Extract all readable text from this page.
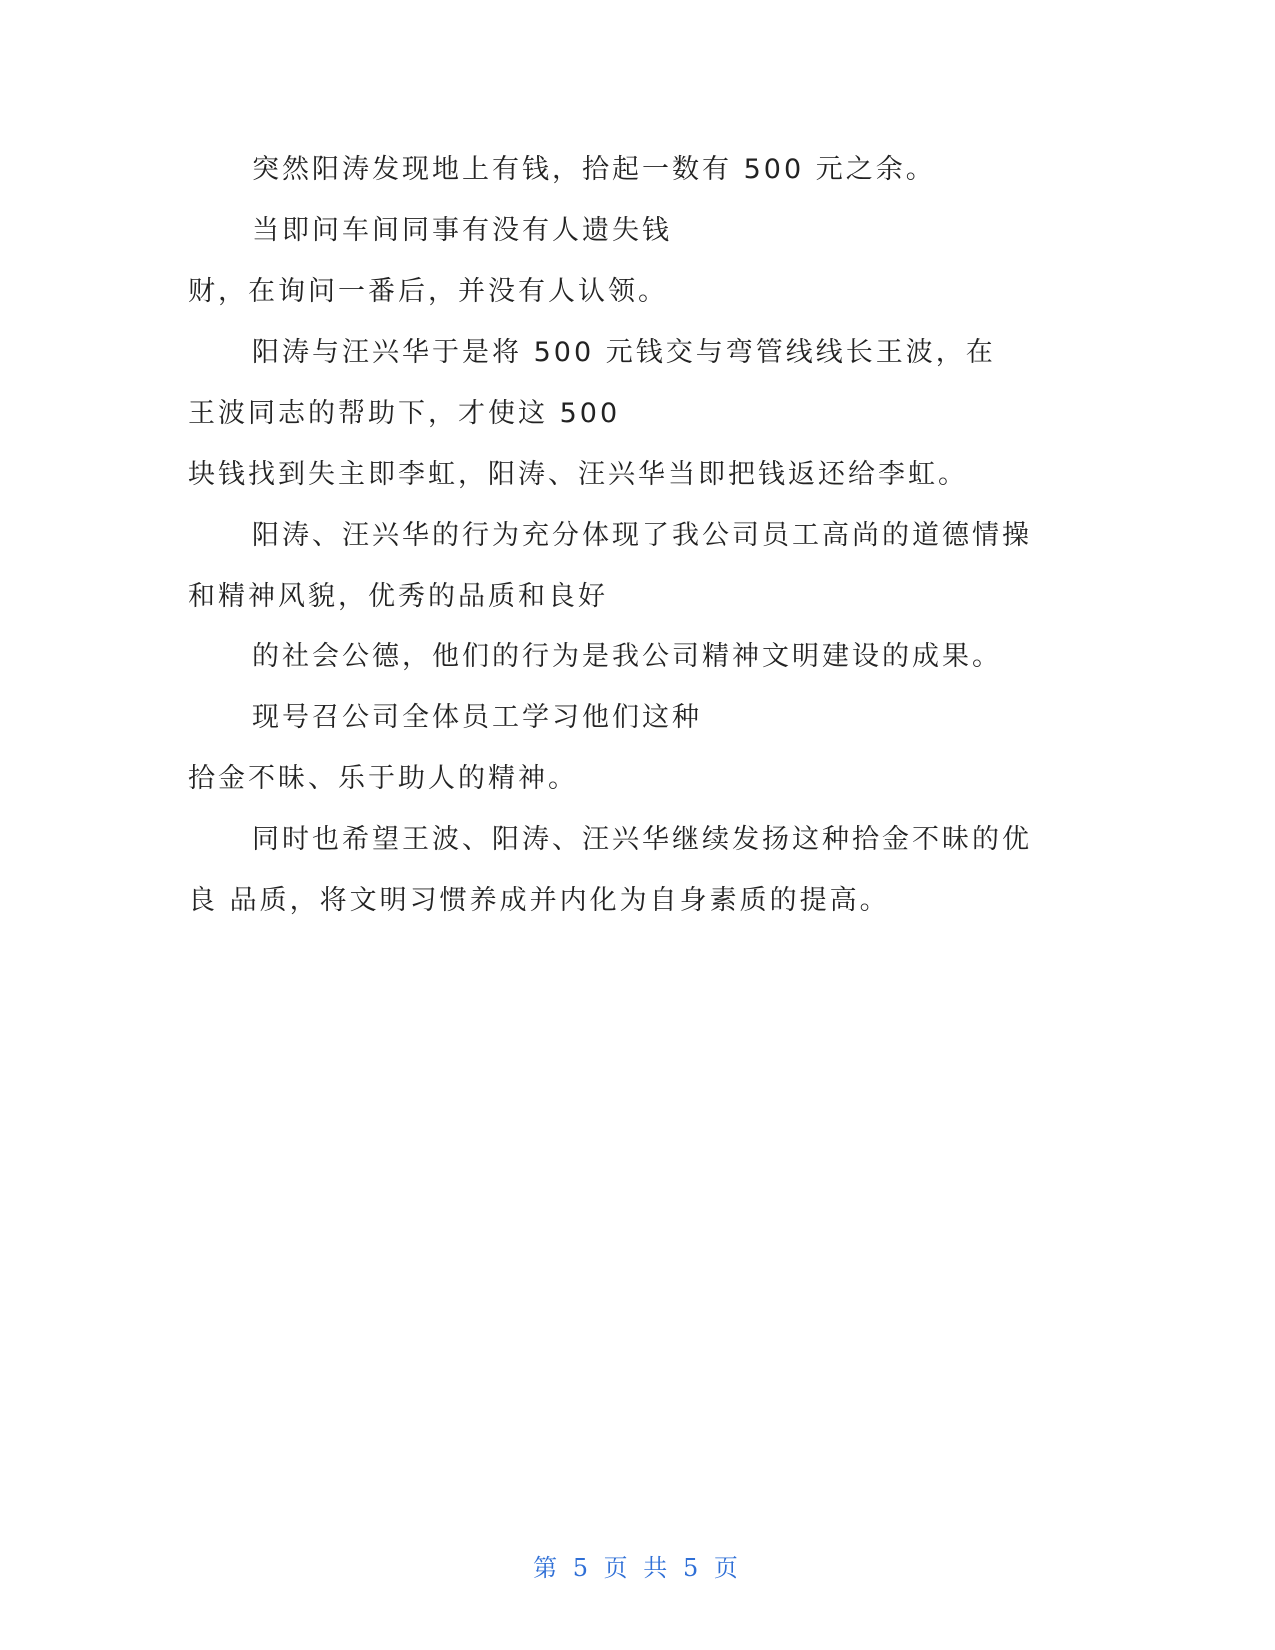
突然阳涛发现地上有钱，拾起一数有 500 元之余。
当即问车间同事有没有人遗失钱
财，在询问一番后，并没有人认领。
阳涛与汪兴华于是将 500 元钱交与弯管线线长王波，在
王波同志的帮助下，才使这 500
块钱找到失主即李虹，阳涛、汪兴华当即把钱返还给李虹。
阳涛、汪兴华的行为充分体现了我公司员工高尚的道德情操
和精神风貌，优秀的品质和良好
的社会公德，他们的行为是我公司精神文明建设的成果。
现号召公司全体员工学习他们这种
拾金不昧、乐于助人的精神。
同时也希望王波、阳涛、汪兴华继续发扬这种拾金不昧的优
良 品质，将文明习惯养成并内化为自身素质的提高。
第 5 页 共 5 页
